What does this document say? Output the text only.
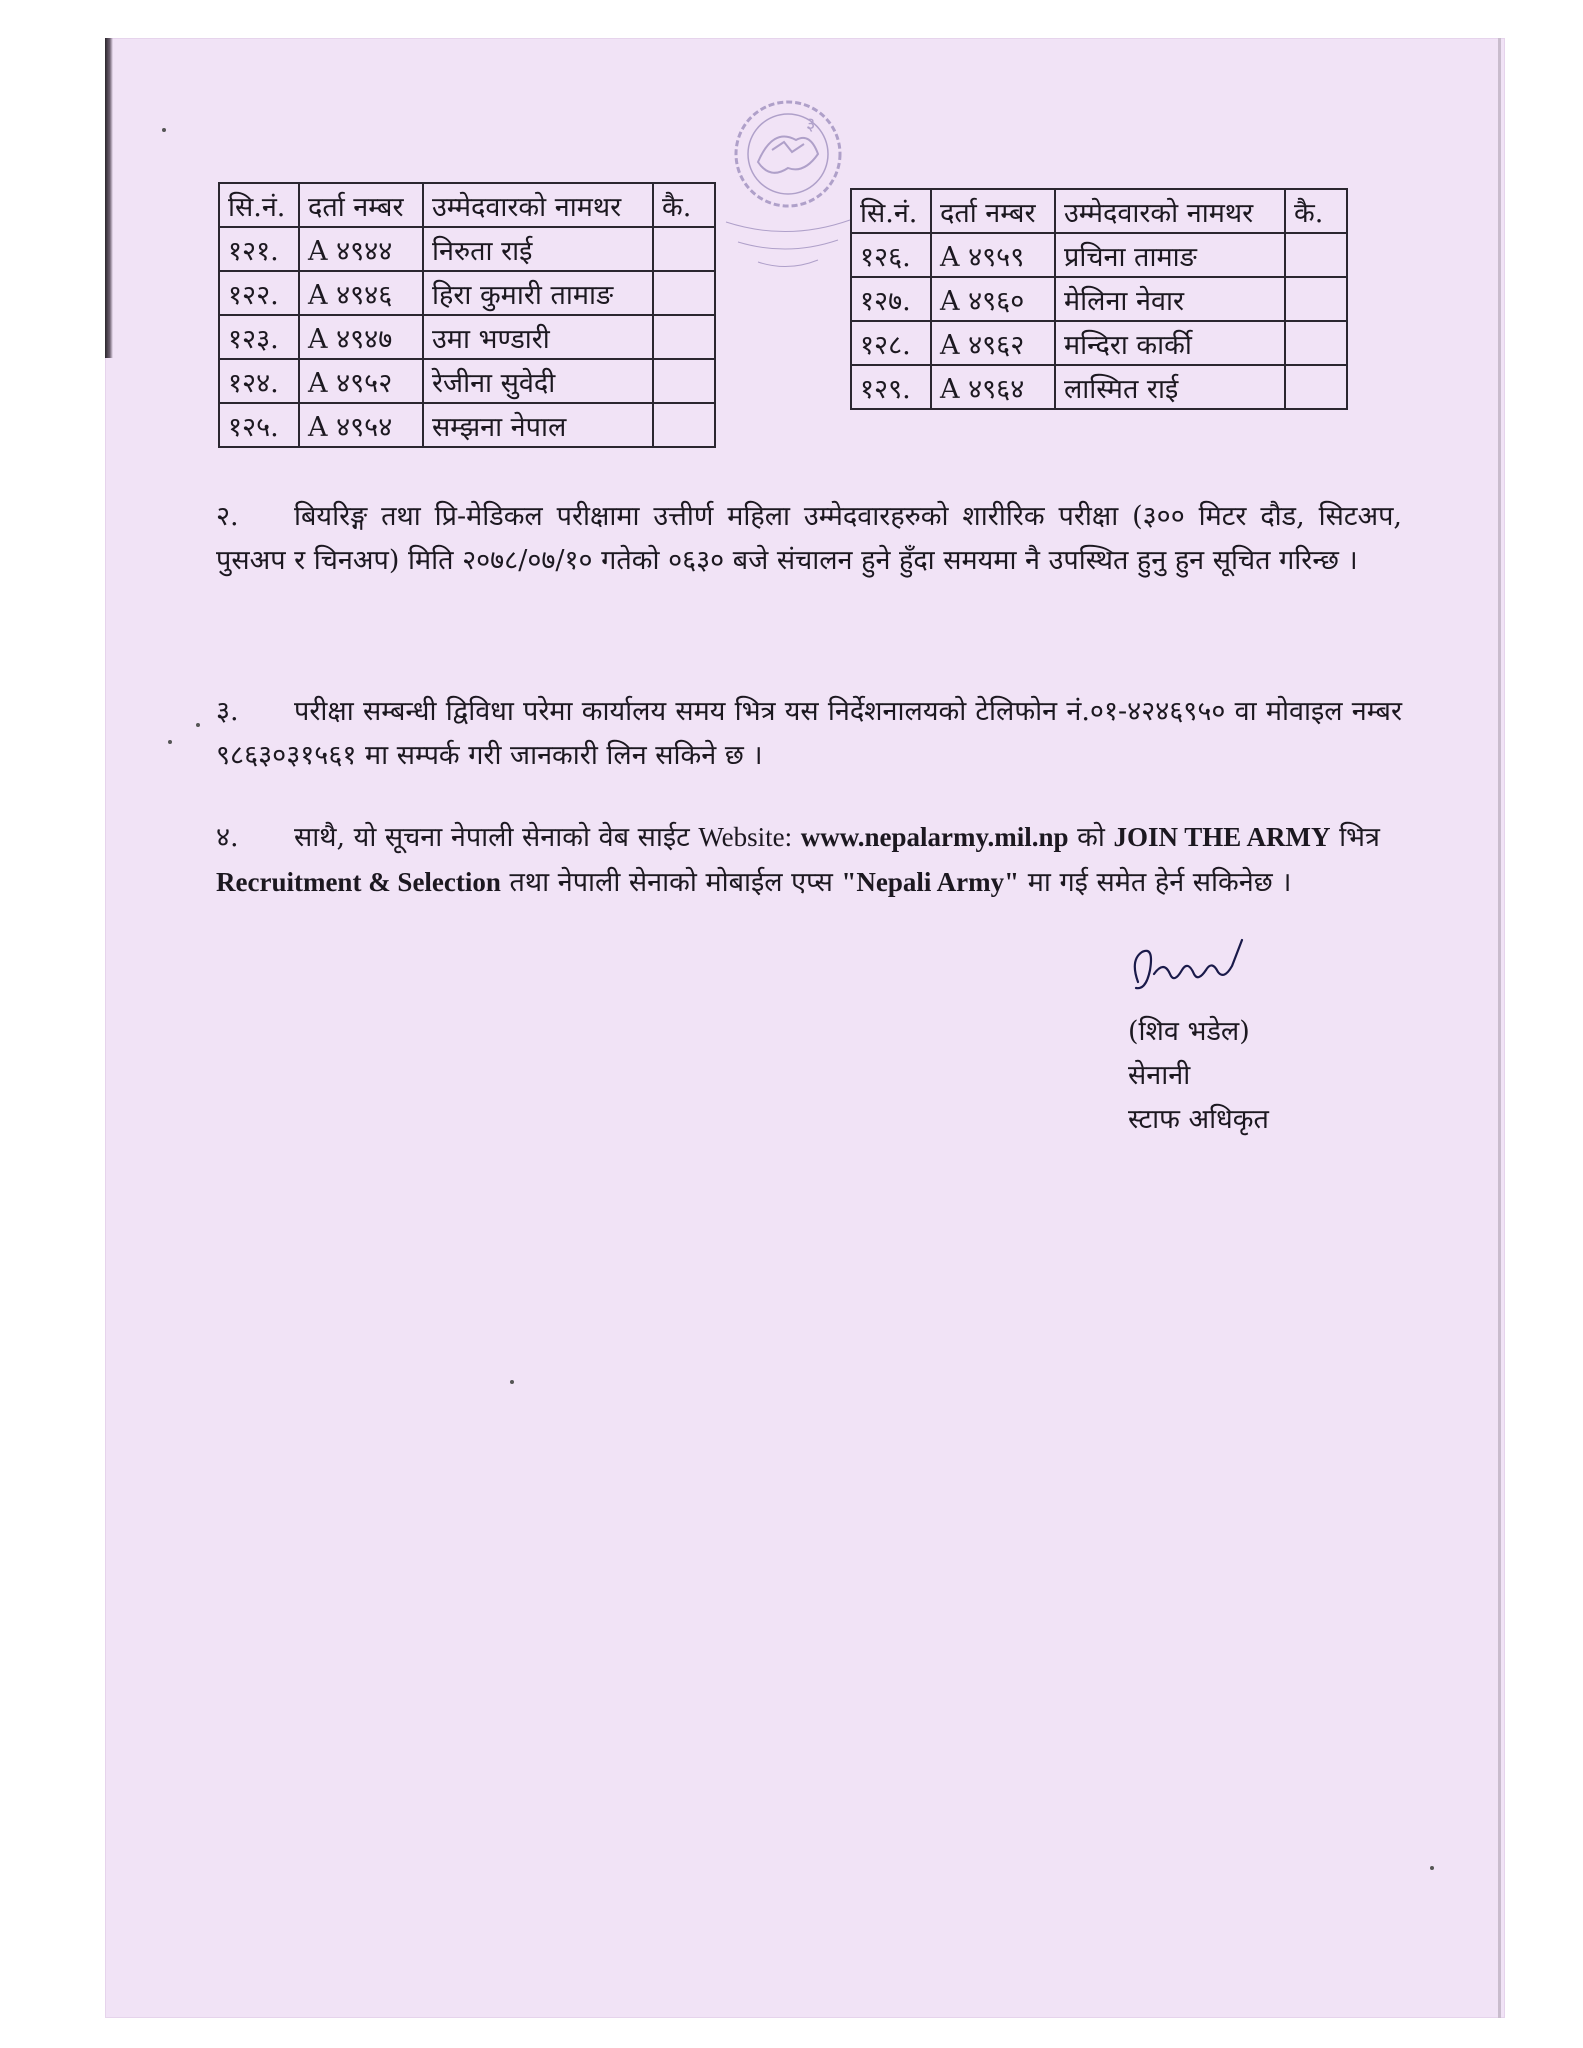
३
सि.नं.	दर्ता नम्बर	उम्मेदवारको नामथर	कै.
१२१.	A ४९४४	निरुता राई	
१२२.	A ४९४६	हिरा कुमारी तामाङ	
१२३.	A ४९४७	उमा भण्डारी	
१२४.	A ४९५२	रेजीना सुवेदी	
१२५.	A ४९५४	सम्झना नेपाल	
सि.नं.	दर्ता नम्बर	उम्मेदवारको नामथर	कै.
१२६.	A ४९५९	प्रचिना तामाङ	
१२७.	A ४९६०	मेलिना नेवार	
१२८.	A ४९६२	मन्दिरा कार्की	
१२९.	A ४९६४	लास्मित राई	
२. बियरिङ्ग तथा प्रि-मेडिकल परीक्षामा उत्तीर्ण महिला उम्मेदवारहरुको शारीरिक परीक्षा (३०० मिटर दौड, सिटअप, पुसअप र चिनअप) मिति २०७८/०७/१० गतेको ०६३० बजे संचालन हुने हुँदा समयमा नै उपस्थित हुनु हुन सूचित गरिन्छ ।
३. परीक्षा सम्बन्धी द्विविधा परेमा कार्यालय समय भित्र यस निर्देशनालयको टेलिफोन नं.०१-४२४६९५० वा मोवाइल नम्बर ९८६३०३१५६१ मा सम्पर्क गरी जानकारी लिन सकिने छ ।
४. साथै, यो सूचना नेपाली सेनाको वेब साईट Website: www.nepalarmy.mil.np को JOIN THE ARMY भित्र
Recruitment & Selection तथा नेपाली सेनाको मोबाईल एप्स "Nepali Army" मा गई समेत हेर्न सकिनेछ ।
(शिव भडेल)
सेनानी
स्टाफ अधिकृत
